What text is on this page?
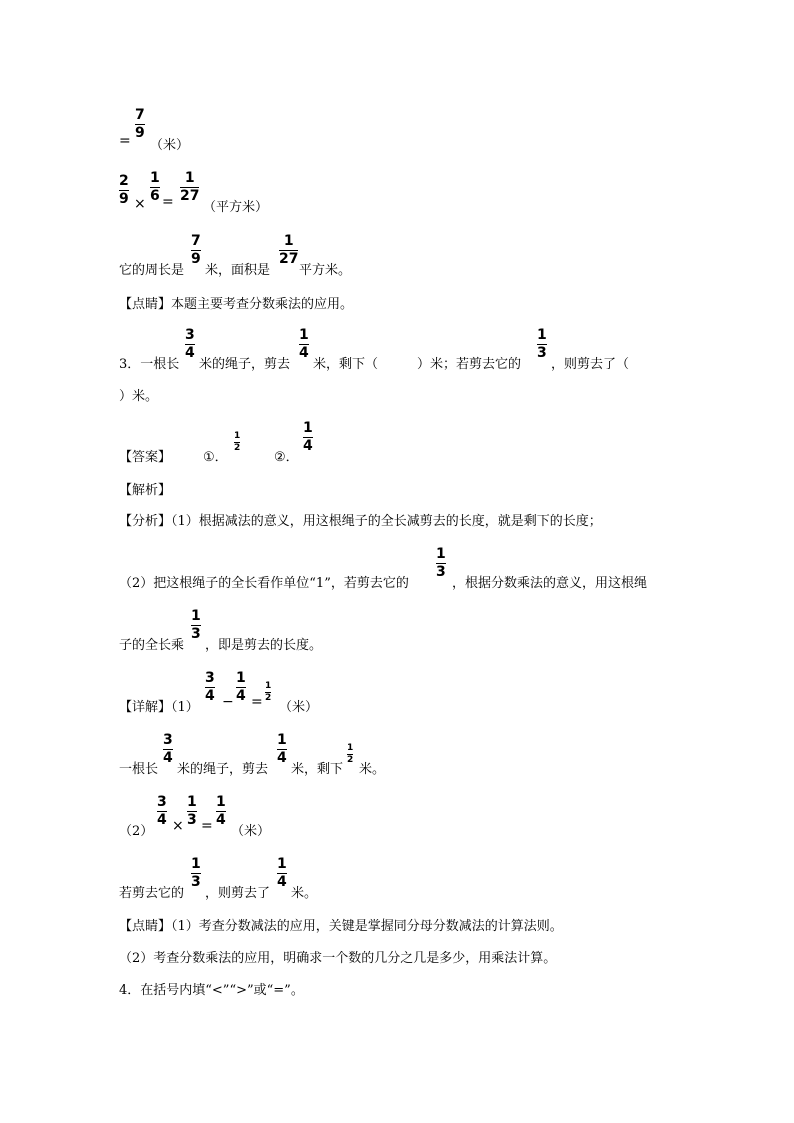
=
7
9
（米）
2
9 ×
1
6 =
1
27
（平方米）
它的周长是
7
9
米，面积是
1
27
平方米。
【点睛】本题主要考查分数乘法的应用。
3．一根长
3
4
米的绳子，剪去
1
4
米，剩下（　　　）米；若剪去它的
1
3
，则剪去了（
）米。
【答案】 ①．
1
2
②．
1
4
【解析】
【分析】（1）根据减法的意义，用这根绳子的全长减剪去的长度，就是剩下的长度；
（2）把这根绳子的全长看作单位“1”，若剪去它的
1
3
，根据分数乘法的意义，用这根绳
子的全长乘
1
3
，即是剪去的长度。
【详解】（1）
3
4 −
1
4 =
1
2
（米）
一根长
3
4
米的绳子，剪去
1
4
米，剩下
1
2
米。
（2）
3
4 ×
1
3 =
1
4
（米）
若剪去它的
1
3
，则剪去了
1
4
米。
【点睛】（1）考查分数减法的应用，关键是掌握同分母分数减法的计算法则。
（2）考查分数乘法的应用，明确求一个数的几分之几是多少，用乘法计算。
4．在括号内填“<”“>”或“=”。
